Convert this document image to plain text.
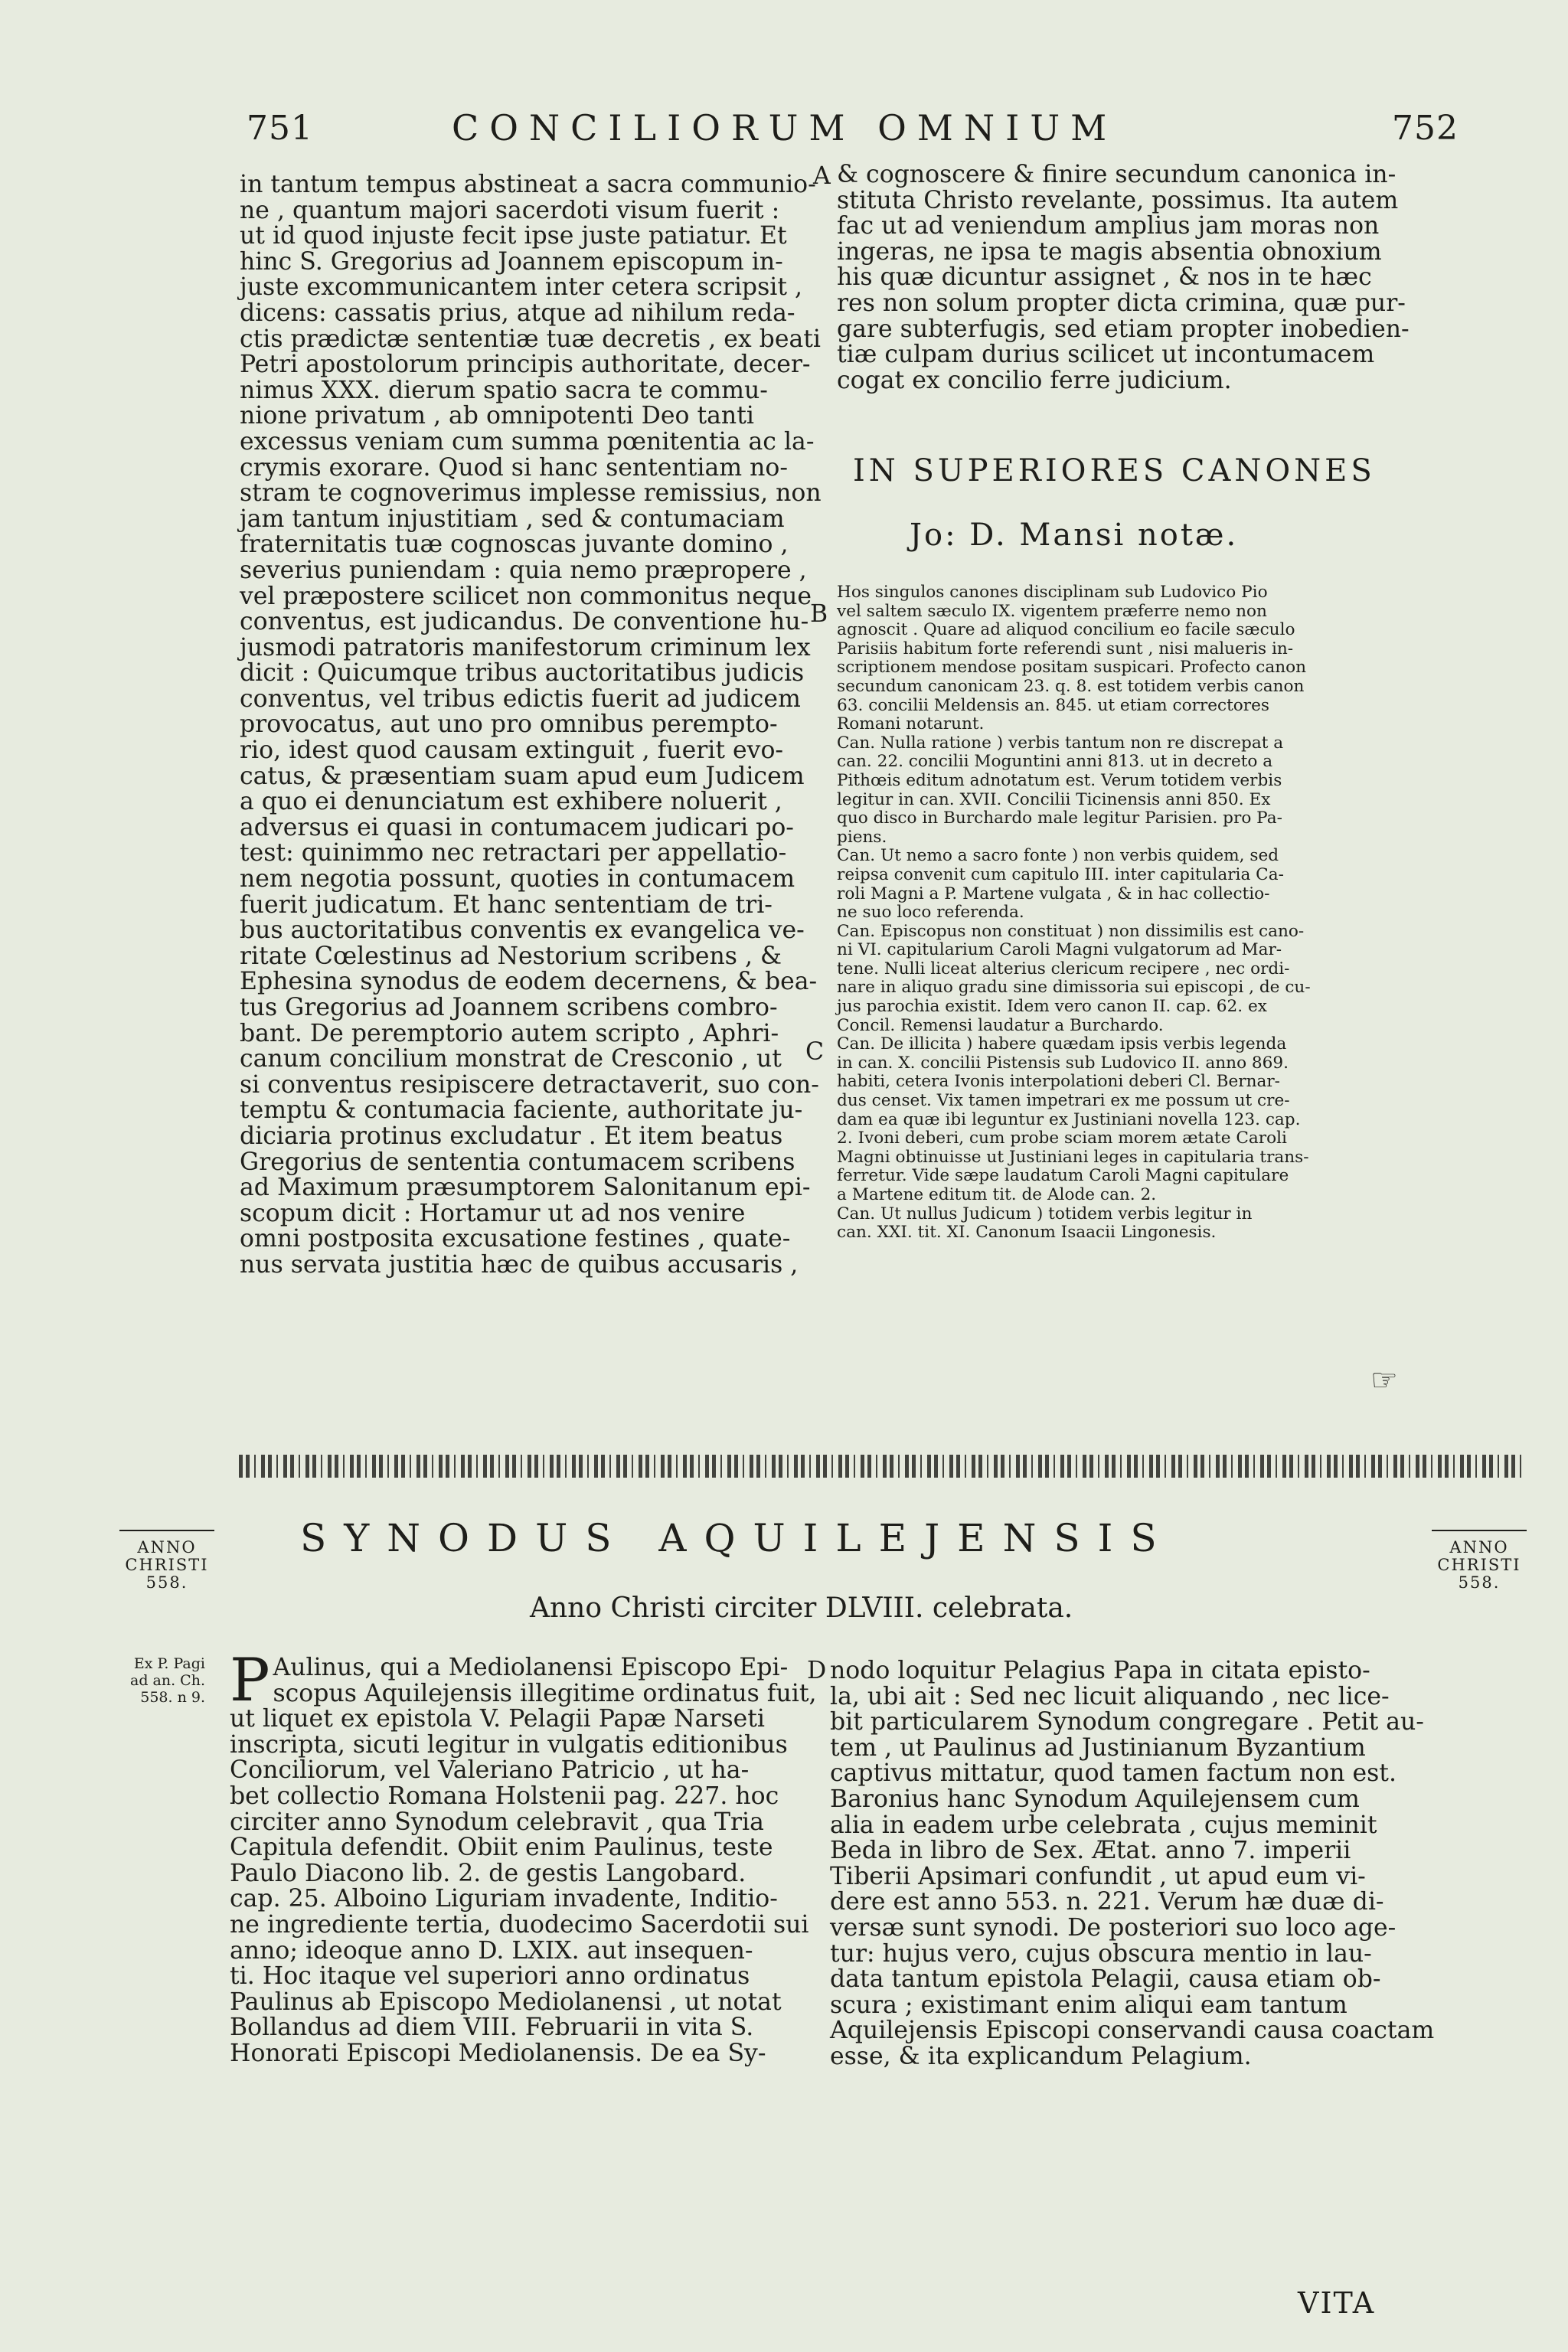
751	CONCILIORUM OMNIUM	752

in tantum tempus abstineat a sacra communio-

ne , quantum majori sacerdoti visum fuerit :

ut id quod injuste fecit ipse juste patiatur. Et

hinc S. Gregorius ad Joannem episcopum in-

juste excommunicantem inter cetera scripsit ,

dicens: cassatis prius, atque ad nihilum reda-

ctis prædictæ sententiæ tuæ decretis , ex beati

Petri apostolorum principis authoritate, decer-

nimus XXX. dierum spatio sacra te commu-

nione privatum , ab omnipotenti Deo tanti

excessus veniam cum summa pœnitentia ac la-

crymis exorare. Quod si hanc sententiam no-

stram te cognoverimus implesse remissius, non

jam tantum injustitiam , sed & contumaciam

fraternitatis tuæ cognoscas juvante domino ,

severius puniendam : quia nemo præpropere ,

vel præpostere scilicet non commonitus neque

conventus, est judicandus. De conventione hu-

jusmodi patratoris manifestorum criminum lex

dicit : Quicumque tribus auctoritatibus judicis

conventus, vel tribus edictis fuerit ad judicem

provocatus, aut uno pro omnibus perempto-

rio, idest quod causam extinguit , fuerit evo-

catus, & præsentiam suam apud eum Judicem

a quo ei denunciatum est exhibere noluerit ,

adversus ei quasi in contumacem judicari po-

test: quinimmo nec retractari per appellatio-

nem negotia possunt, quoties in contumacem

fuerit judicatum. Et hanc sententiam de tri-

bus auctoritatibus conventis ex evangelica ve-

ritate Cœlestinus ad Nestorium scribens , &

Ephesina synodus de eodem decernens, & bea-

tus Gregorius ad Joannem scribens combro-

bant. De peremptorio autem scripto , Aphri-

canum concilium monstrat de Cresconio , ut

si conventus resipiscere detractaverit, suo con-

temptu & contumacia faciente, authoritate ju-

diciaria protinus excludatur . Et item beatus

Gregorius de sententia contumacem scribens

ad Maximum præsumptorem Salonitanum epi-

scopum dicit : Hortamur ut ad nos venire

omni postposita excusatione festines , quate-

nus servata justitia hæc de quibus accusaris ,

& cognoscere & finire secundum canonica in-

stituta Christo revelante, possimus. Ita autem

fac ut ad veniendum amplius jam moras non

ingeras, ne ipsa te magis absentia obnoxium

his quæ dicuntur assignet , & nos in te hæc

res non solum propter dicta crimina, quæ pur-

gare subterfugis, sed etiam propter inobedien-

tiæ culpam durius scilicet ut incontumacem

cogat ex concilio ferre judicium.

IN SUPERIORES CANONES
Jo: D. Mansi notæ.

Hos singulos canones disciplinam sub Ludovico Pio

vel saltem sæculo IX. vigentem præferre nemo non

agnoscit . Quare ad aliquod concilium eo facile sæculo

Parisiis habitum forte referendi sunt , nisi malueris in-

scriptionem mendose positam suspicari. Profecto canon

secundum canonicam 23. q. 8. est totidem verbis canon

63. concilii Meldensis an. 845. ut etiam correctores

Romani notarunt.

Can. Nulla ratione ) verbis tantum non re discrepat a

can. 22. concilii Moguntini anni 813. ut in decreto a

Pithœis editum adnotatum est. Verum totidem verbis

legitur in can. XVII. Concilii Ticinensis anni 850. Ex

quo disco in Burchardo male legitur Parisien. pro Pa-

piens.

Can. Ut nemo a sacro fonte ) non verbis quidem, sed

reipsa convenit cum capitulo III. inter capitularia Ca-

roli Magni a P. Martene vulgata , & in hac collectio-

ne suo loco referenda.

Can. Episcopus non constituat ) non dissimilis est cano-

ni VI. capitularium Caroli Magni vulgatorum ad Mar-

tene. Nulli liceat alterius clericum recipere , nec ordi-

nare in aliquo gradu sine dimissoria sui episcopi , de cu-

jus parochia existit. Idem vero canon II. cap. 62. ex

Concil. Remensi laudatur a Burchardo.

Can. De illicita ) habere quædam ipsis verbis legenda

in can. X. concilii Pistensis sub Ludovico II. anno 869.

habiti, cetera Ivonis interpolationi deberi Cl. Bernar-

dus censet. Vix tamen impetrari ex me possum ut cre-

dam ea quæ ibi leguntur ex Justiniani novella 123. cap.

2. Ivoni deberi, cum probe sciam morem ætate Caroli

Magni obtinuisse ut Justiniani leges in capitularia trans-

ferretur. Vide sæpe laudatum Caroli Magni capitulare

a Martene editum tit. de Alode can. 2.

Can. Ut nullus Judicum ) totidem verbis legitur in

can. XXI. tit. XI. Canonum Isaacii Lingonesis.

A
B
C
D
☞
SYNODUS AQUILEJENSIS
Anno Christi circiter DLVIII. celebrata.
ANNO
CHRISTI
558.
ANNO
CHRISTI
558.
Ex P. Pagi
ad an. Ch.
558. n 9. P Aulinus, qui a Mediolanensi Episcopo Epi-

scopus Aquilejensis illegitime ordinatus fuit,

ut liquet ex epistola V. Pelagii Papæ Narseti

inscripta, sicuti legitur in vulgatis editionibus

Conciliorum, vel Valeriano Patricio , ut ha-

bet collectio Romana Holstenii pag. 227. hoc

circiter anno Synodum celebravit , qua Tria

Capitula defendit. Obiit enim Paulinus, teste

Paulo Diacono lib. 2. de gestis Langobard.

cap. 25. Alboino Liguriam invadente, Inditio-

ne ingrediente tertia, duodecimo Sacerdotii sui

anno; ideoque anno D. LXIX. aut insequen-

ti. Hoc itaque vel superiori anno ordinatus

Paulinus ab Episcopo Mediolanensi , ut notat

Bollandus ad diem VIII. Februarii in vita S.

Honorati Episcopi Mediolanensis. De ea Sy-

nodo loquitur Pelagius Papa in citata episto-

la, ubi ait : Sed nec licuit aliquando , nec lice-

bit particularem Synodum congregare . Petit au-

tem , ut Paulinus ad Justinianum Byzantium

captivus mittatur, quod tamen factum non est.

Baronius hanc Synodum Aquilejensem cum

alia in eadem urbe celebrata , cujus meminit

Beda in libro de Sex. Ætat. anno 7. imperii

Tiberii Apsimari confundit , ut apud eum vi-

dere est anno 553. n. 221. Verum hæ duæ di-

versæ sunt synodi. De posteriori suo loco age-

tur: hujus vero, cujus obscura mentio in lau-

data tantum epistola Pelagii, causa etiam ob-

scura ; existimant enim aliqui eam tantum

Aquilejensis Episcopi conservandi causa coactam

esse, & ita explicandum Pelagium.

VITA
